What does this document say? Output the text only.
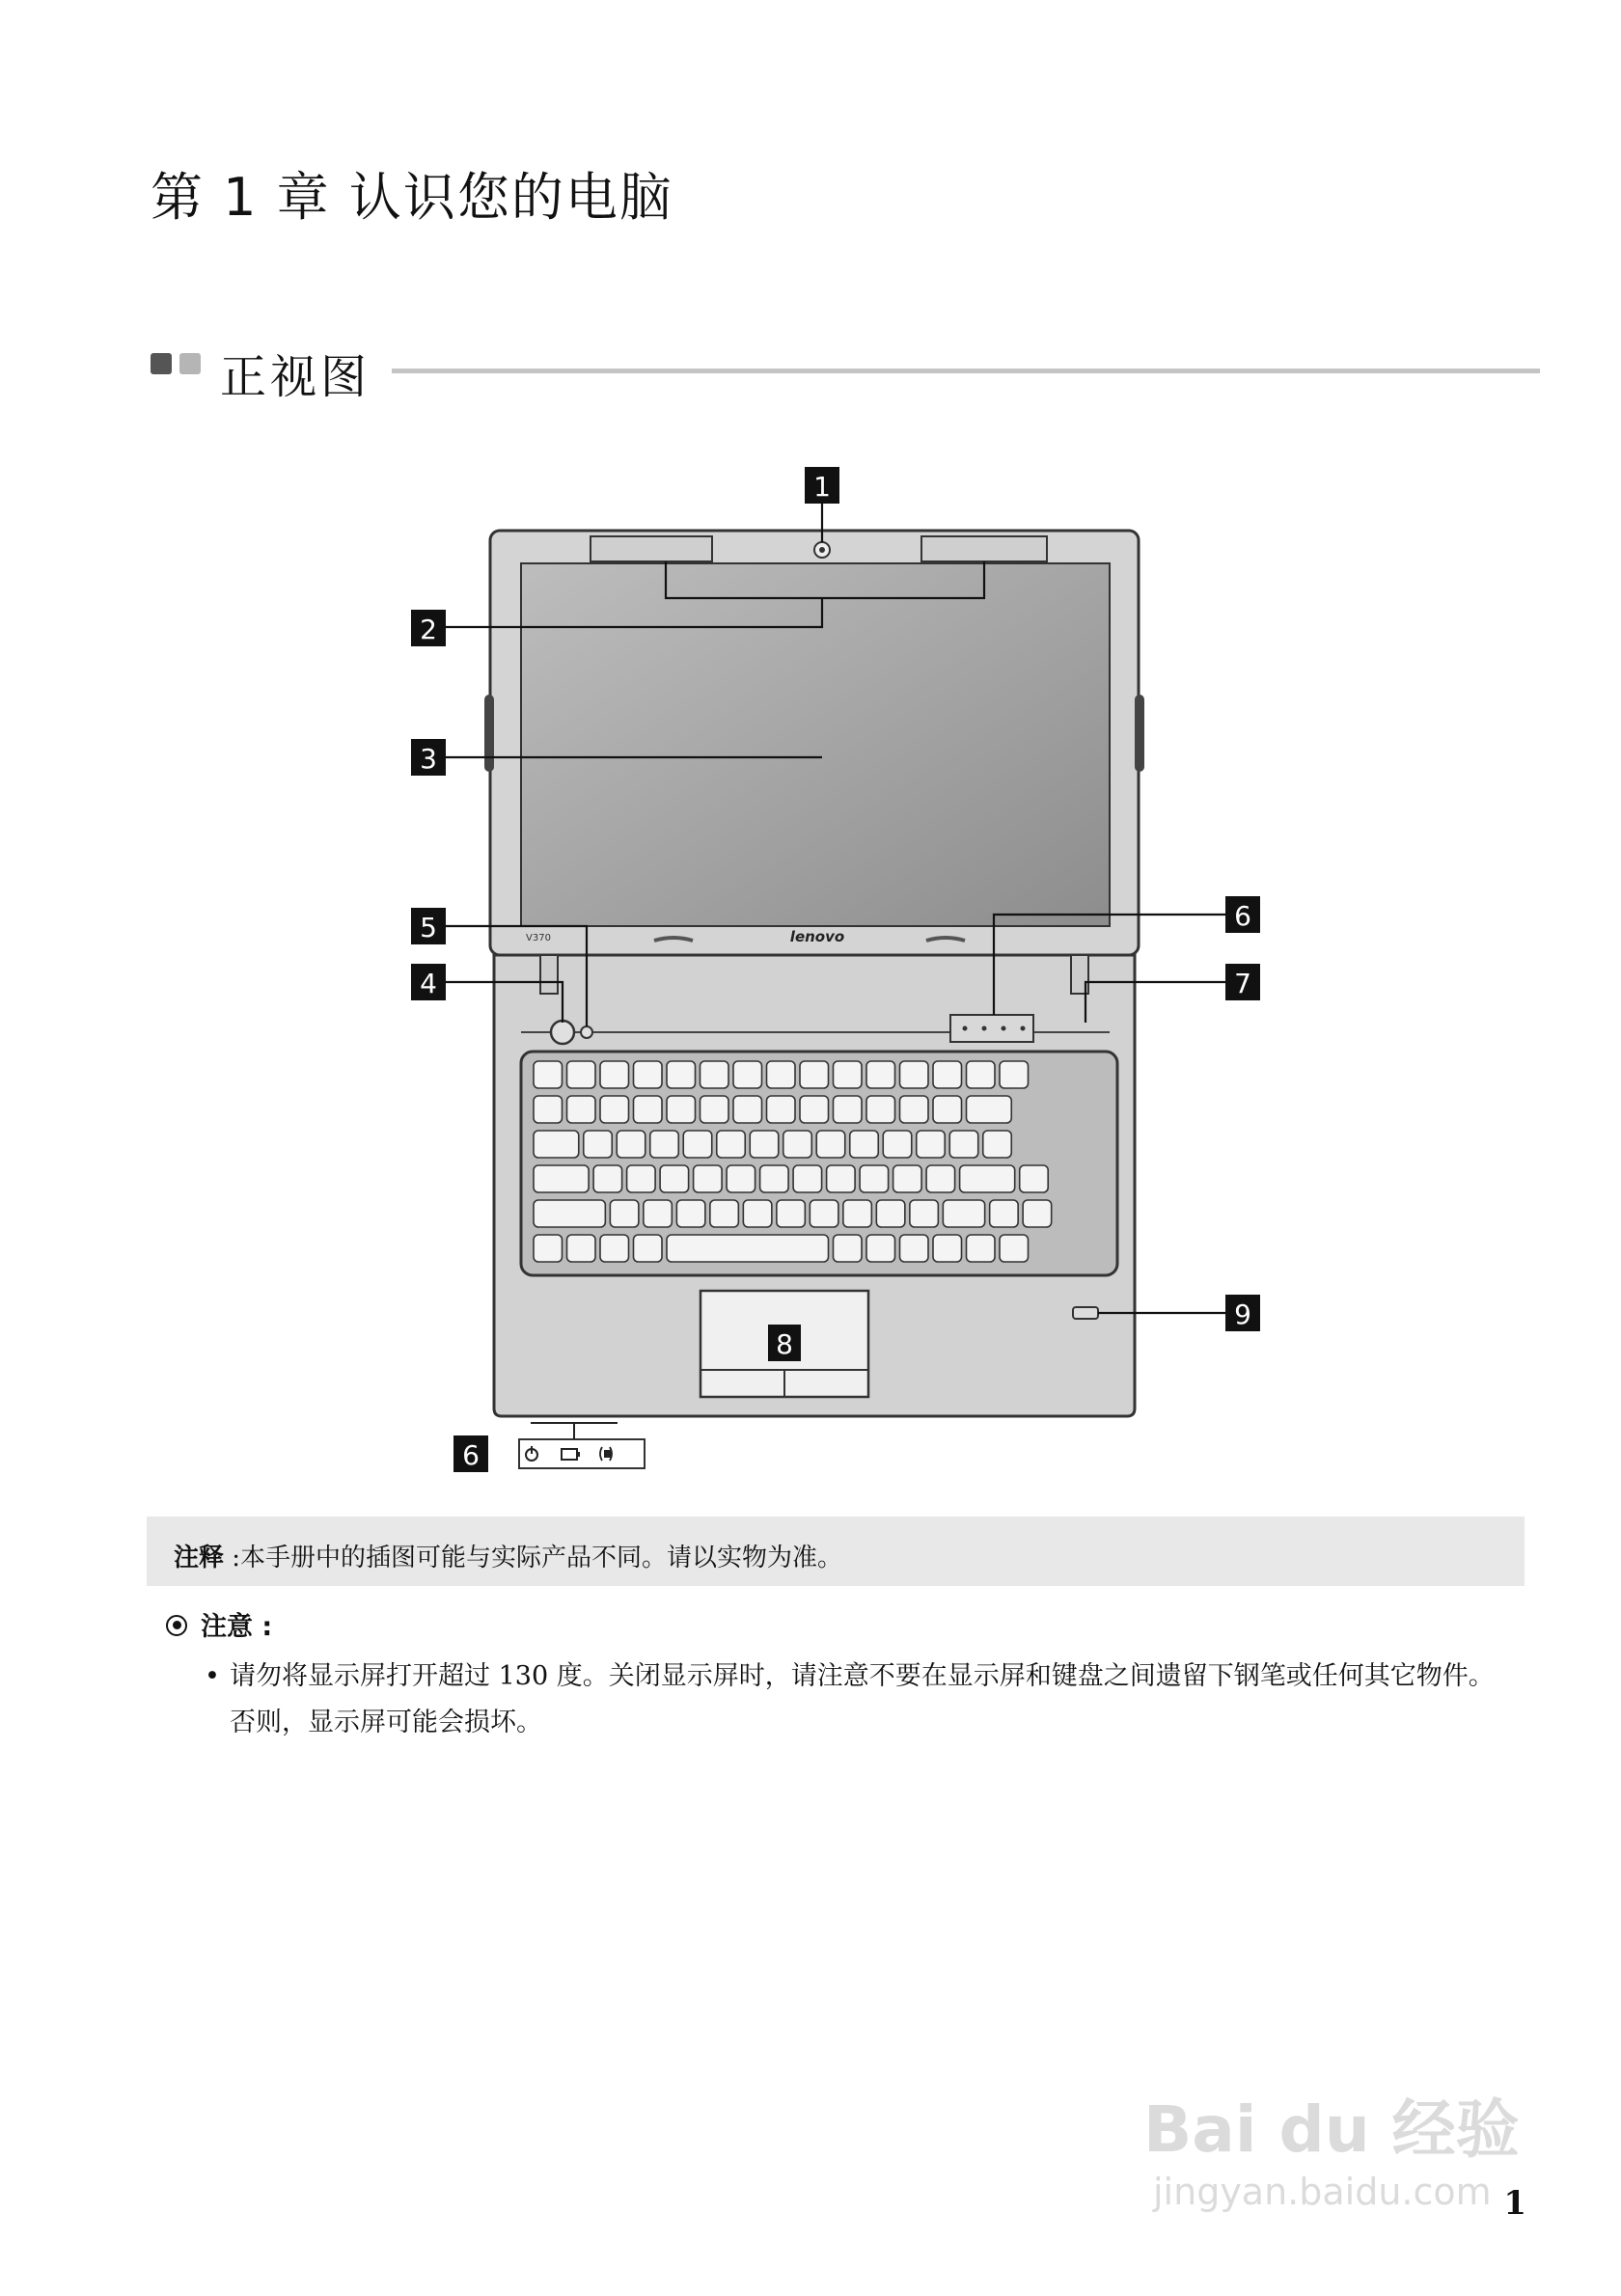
第 1 章 认识您的电脑
正视图
lenovo
V370
1
2
3
5
4
6
7
9
8
6
注释 :本手册中的插图可能与实际产品不同。请以实物为准。
注意 :
• 请勿将显示屏打开超过 130 度。关闭显示屏时，请注意不要在显示屏和键盘之间遗留下钢笔或任何其它物件。否则，显示屏可能会损坏。
Bai du 经验
jingyan.baidu.com 1
